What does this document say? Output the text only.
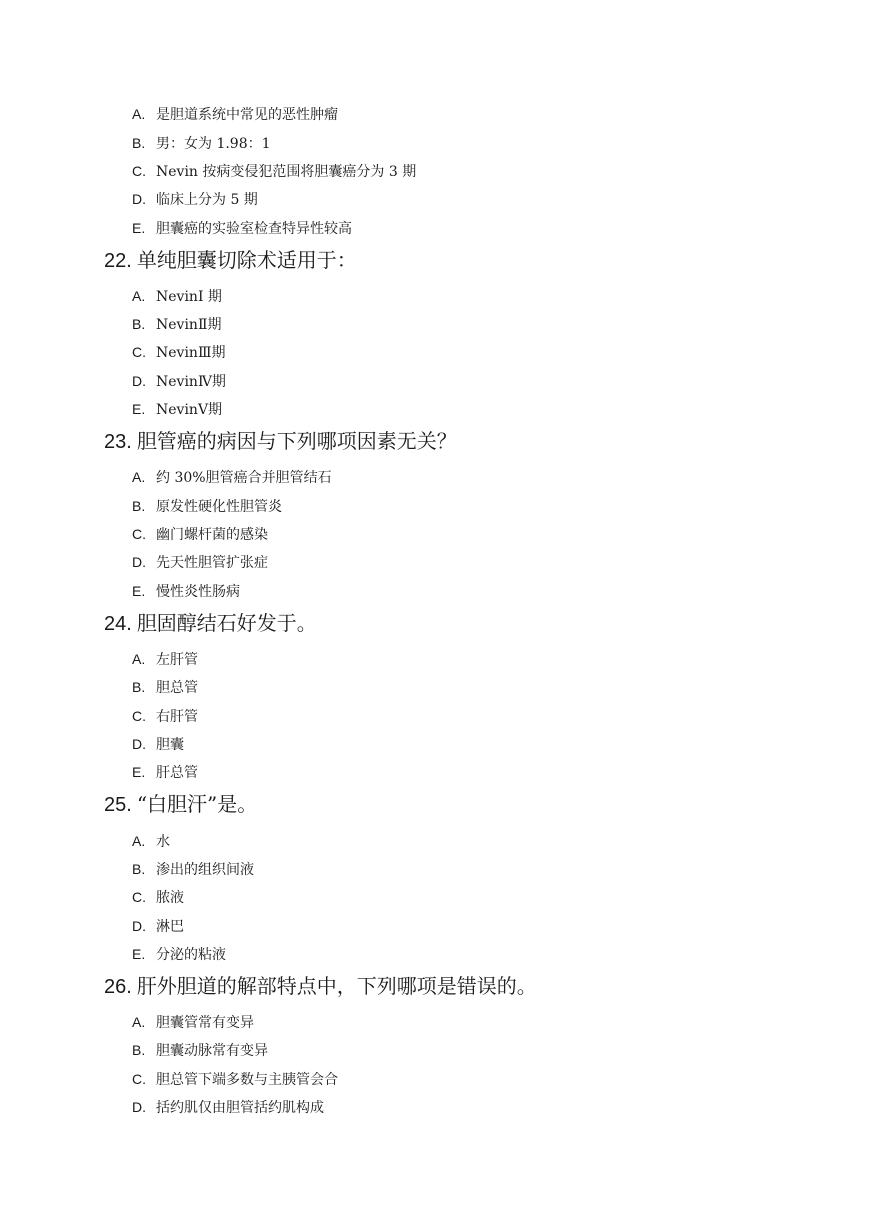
A. 是胆道系统中常见的恶性肿瘤
B. 男：女为 1.98：1
C. Nevin 按病变侵犯范围将胆囊癌分为 3 期
D. 临床上分为 5 期
E. 胆囊癌的实验室检查特异性较高
22. 单纯胆囊切除术适用于：
A. NevinI 期
B. NevinⅡ期
C. NevinⅢ期
D. NevinⅣ期
E. NevinⅤ期
23. 胆管癌的病因与下列哪项因素无关？
A. 约 30%胆管癌合并胆管结石
B. 原发性硬化性胆管炎
C. 幽门螺杆菌的感染
D. 先天性胆管扩张症
E. 慢性炎性肠病
24. 胆固醇结石好发于。
A. 左肝管
B. 胆总管
C. 右肝管
D. 胆囊
E. 肝总管
25. “白胆汗”是。
A. 水
B. 渗出的组织间液
C. 脓液
D. 淋巴
E. 分泌的粘液
26. 肝外胆道的解部特点中，下列哪项是错误的。
A. 胆囊管常有变异
B. 胆囊动脉常有变异
C. 胆总管下端多数与主胰管会合
D. 括约肌仅由胆管括约肌构成
